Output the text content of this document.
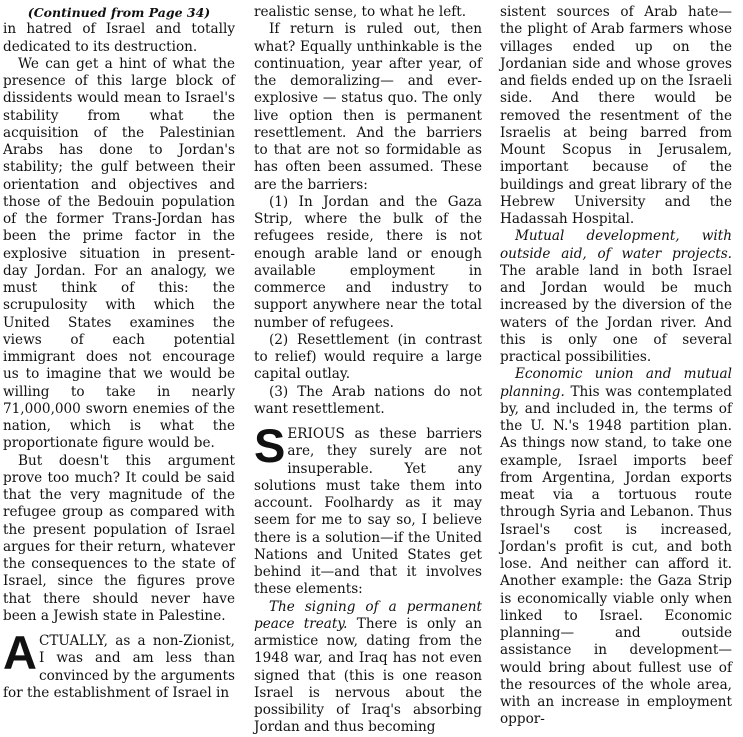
(Continued from Page 34)

in hatred of Israel and totally dedicated to its destruction.

We can get a hint of what the presence of this large block of dissidents would mean to Israel's stability from what the acquisition of the Palestinian Arabs has done to Jordan's stability; the gulf between their orientation and objectives and those of the Bedouin population of the former Trans-Jordan has been the prime factor in the explosive situation in present-day Jordan. For an analogy, we must think of this: the scrupulosity with which the United States examines the views of each potential immigrant does not encourage us to imagine that we would be willing to take in nearly 71,000,000 sworn enemies of the nation, which is what the proportionate figure would be.

But doesn't this argument prove too much? It could be said that the very magnitude of the refugee group as compared with the present population of Israel argues for their return, whatever the consequences to the state of Israel, since the figures prove that there should never have been a Jewish state in Palestine.

ACTUALLY, as a non-Zionist, I was and am less than convinced by the arguments for the establishment of Israel in

realistic sense, to what he left.

If return is ruled out, then what? Equally unthinkable is the continuation, year after year, of the demoralizing— and ever-explosive — status quo. The only live option then is permanent resettlement. And the barriers to that are not so formidable as has often been assumed. These are the barriers:

(1) In Jordan and the Gaza Strip, where the bulk of the refugees reside, there is not enough arable land or enough available employment in commerce and industry to support anywhere near the total number of refugees.

(2) Resettlement (in contrast to relief) would require a large capital outlay.

(3) The Arab nations do not want resettlement.

SERIOUS as these barriers are, they surely are not insuperable. Yet any solutions must take them into account. Foolhardy as it may seem for me to say so, I believe there is a solution—if the United Nations and United States get behind it—and that it involves these elements:

The signing of a permanent peace treaty. There is only an armistice now, dating from the 1948 war, and Iraq has not even signed that (this is one reason Israel is nervous about the possibility of Iraq's absorbing Jordan and thus becoming

sistent sources of Arab hate— the plight of Arab farmers whose villages ended up on the Jordanian side and whose groves and fields ended up on the Israeli side. And there would be removed the resentment of the Israelis at being barred from Mount Scopus in Jerusalem, important because of the buildings and great library of the Hebrew University and the Hadassah Hospital.

Mutual development, with outside aid, of water projects. The arable land in both Israel and Jordan would be much increased by the diversion of the waters of the Jordan river. And this is only one of several practical possibilities.

Economic union and mutual planning. This was contemplated by, and included in, the terms of the U. N.'s 1948 partition plan. As things now stand, to take one example, Israel imports beef from Argentina, Jordan exports meat via a tortuous route through Syria and Lebanon. Thus Israel's cost is increased, Jordan's profit is cut, and both lose. And neither can afford it. Another example: the Gaza Strip is economically viable only when linked to Israel. Economic planning— and outside assistance in development—would bring about fullest use of the resources of the whole area, with an increase in employment oppor-
